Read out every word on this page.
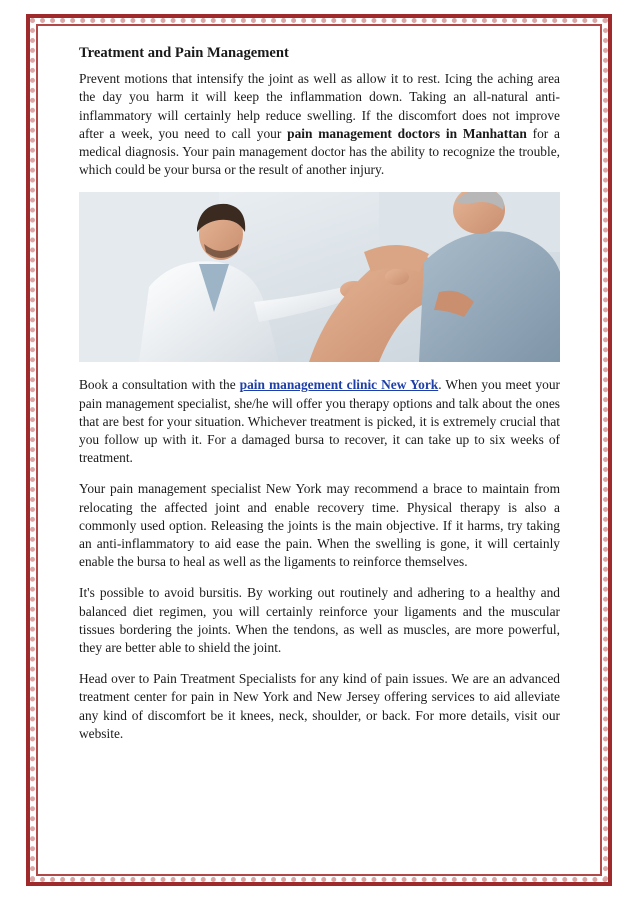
Treatment and Pain Management

Prevent motions that intensify the joint as well as allow it to rest. Icing the aching area the day you harm it will keep the inflammation down. Taking an all-natural anti-inflammatory will certainly help reduce swelling. If the discomfort does not improve after a week, you need to call your pain management doctors in Manhattan for a medical diagnosis. Your pain management doctor has the ability to recognize the trouble, which could be your bursa or the result of another injury.

Book a consultation with the pain management clinic New York. When you meet your pain management specialist, she/he will offer you therapy options and talk about the ones that are best for your situation. Whichever treatment is picked, it is extremely crucial that you follow up with it. For a damaged bursa to recover, it can take up to six weeks of treatment.

Your pain management specialist New York may recommend a brace to maintain from relocating the affected joint and enable recovery time. Physical therapy is also a commonly used option. Releasing the joints is the main objective. If it harms, try taking an anti-inflammatory to aid ease the pain. When the swelling is gone, it will certainly enable the bursa to heal as well as the ligaments to reinforce themselves.

It's possible to avoid bursitis. By working out routinely and adhering to a healthy and balanced diet regimen, you will certainly reinforce your ligaments and the muscular tissues bordering the joints. When the tendons, as well as muscles, are more powerful, they are better able to shield the joint.

Head over to Pain Treatment Specialists for any kind of pain issues. We are an advanced treatment center for pain in New York and New Jersey offering services to aid alleviate any kind of discomfort be it knees, neck, shoulder, or back. For more details, visit our website.
